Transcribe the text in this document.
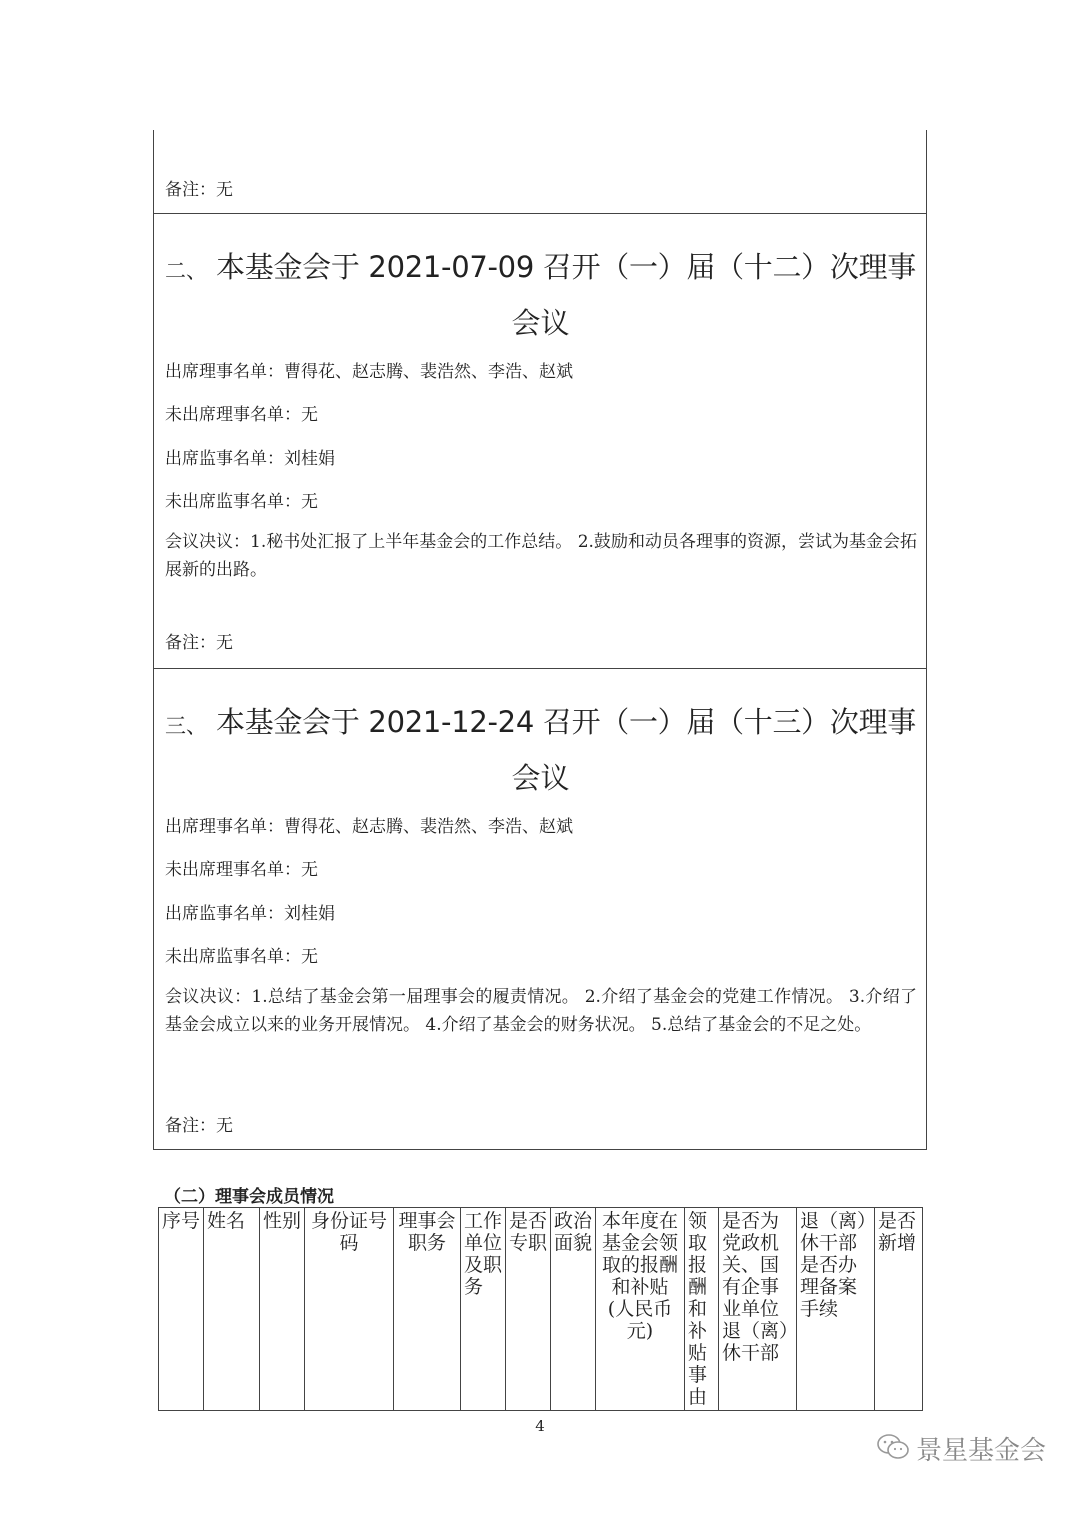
备注：无
二、 本基金会于 2021-07-09 召开（一）届（十二）次理事
会议
出席理事名单：曹得花、赵志腾、裴浩然、李浩、赵斌
未出席理事名单：无
出席监事名单：刘桂娟
未出席监事名单：无
会议决议：1.秘书处汇报了上半年基金会的工作总结。 2.鼓励和动员各理事的资源，尝试为基金会拓展新的出路。
备注：无
三、 本基金会于 2021-12-24 召开（一）届（十三）次理事
会议
出席理事名单：曹得花、赵志腾、裴浩然、李浩、赵斌
未出席理事名单：无
出席监事名单：刘桂娟
未出席监事名单：无
会议决议：1.总结了基金会第一届理事会的履责情况。 2.介绍了基金会的党建工作情况。 3.介绍了基金会成立以来的业务开展情况。 4.介绍了基金会的财务状况。 5.总结了基金会的不足之处。
备注：无
（二）理事会成员情况
序号	姓名	性别	身份证号码	理事会职务	工作单位及职务	是否专职	政治面貌	本年度在基金会领取的报酬和补贴(人民币元)	领取报酬和补贴事由	是否为党政机关、国有企事业单位退（离）休干部	退（离）休干部是否办理备案手续	是否新增
4
景星基金会
